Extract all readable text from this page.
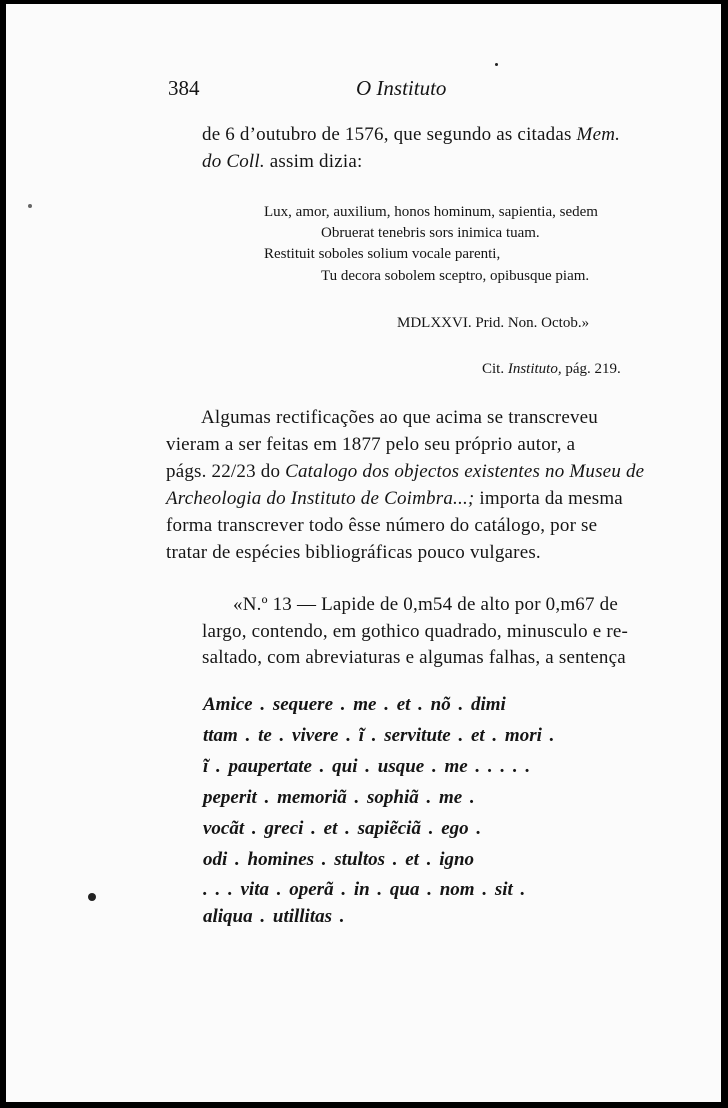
384	O Instituto
de 6 d’outubro de 1576, que segundo as citadas Mem.
do Coll. assim dizia:
Lux, amor, auxilium, honos hominum, sapientia, sedem
Obruerat tenebris sors inimica tuam.
Restituit soboles solium vocale parenti,
Tu decora sobolem sceptro, opibusque piam.
MDLXXVI. Prid. Non. Octob.»
Cit. Instituto, pág. 219.
Algumas rectificações ao que acima se transcreveu
vieram a ser feitas em 1877 pelo seu próprio autor, a
págs. 22/23 do Catalogo dos objectos existentes no Museu de
Archeologia do Instituto de Coimbra...; importa da mesma
forma transcrever todo êsse número do catálogo, por se
tratar de espécies bibliográficas pouco vulgares.
«N.º 13 — Lapide de 0,m54 de alto por 0,m67 de
largo, contendo, em gothico quadrado, minusculo e re-
saltado, com abreviaturas e algumas falhas, a sentença
Amice . sequere . me . et . nõ . dimi
ttam . te . vivere . ĩ . servitute . et . mori .
ĩ . paupertate . qui . usque . me . . . . .
peperit . memoriã . sophiã . me .
vocãt . greci . et . sapiẽciã . ego .
odi . homines . stultos . et . igno
. . . vita . operã . in . qua . nom . sit .
aliqua . utillitas .
